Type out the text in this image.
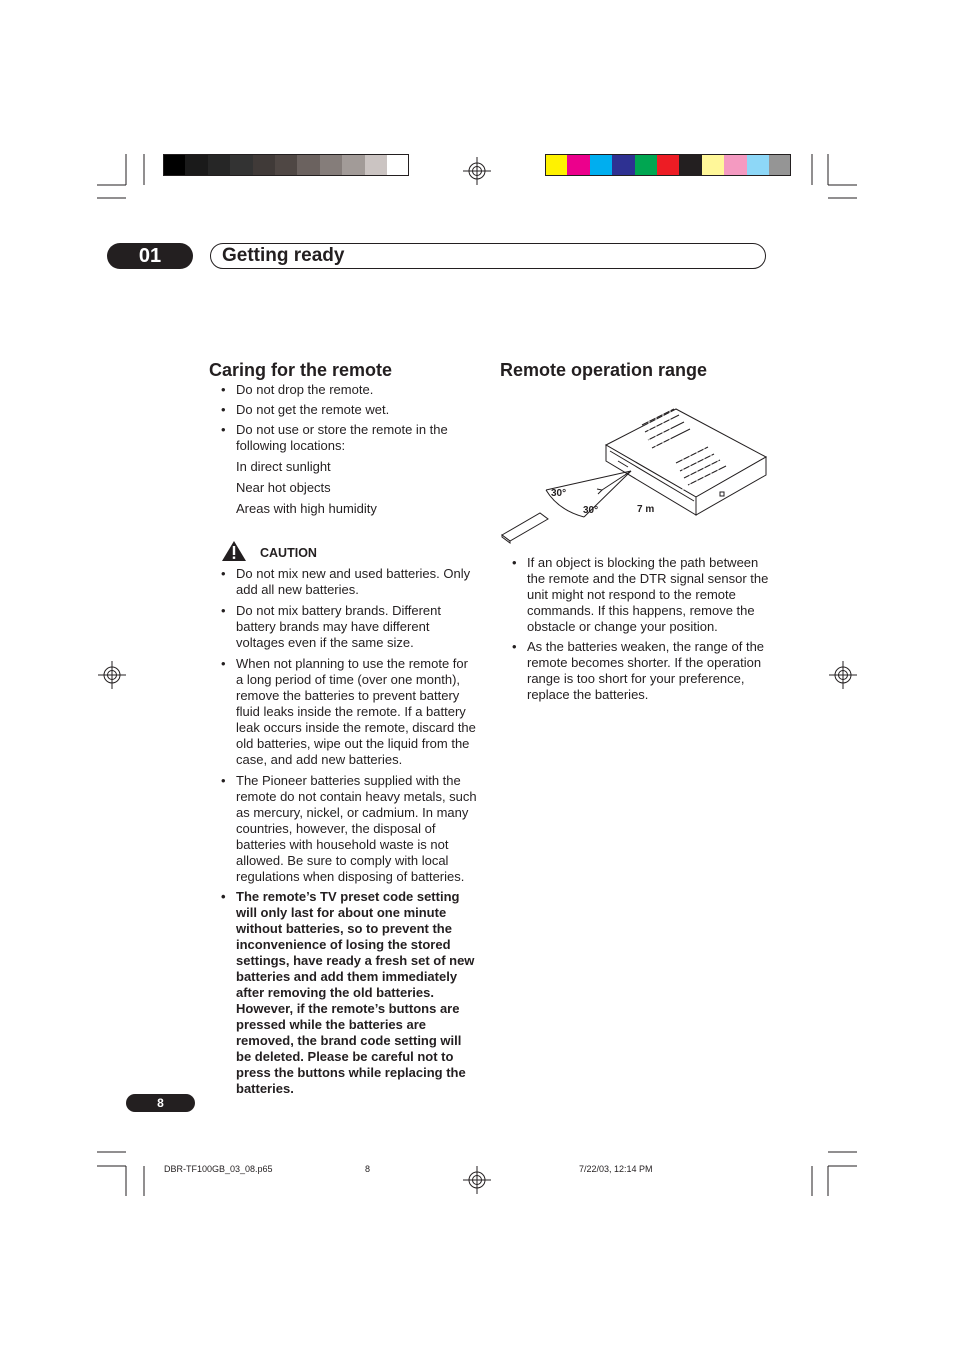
01	Getting ready
Caring for the remote
• Do not drop the remote.
• Do not get the remote wet.
• Do not use or store the remote in the following locations:
In direct sunlight
Near hot objects
Areas with high humidity
CAUTION
• Do not mix new and used batteries. Only add all new batteries.
• Do not mix battery brands. Different battery brands may have different voltages even if the same size.
• When not planning to use the remote for a long period of time (over one month), remove the batteries to prevent battery fluid leaks inside the remote. If a battery leak occurs inside the remote, discard the old batteries, wipe out the liquid from the case, and add new batteries.
• The Pioneer batteries supplied with the remote do not contain heavy metals, such as mercury, nickel, or cadmium. In many countries, however, the disposal of batteries with household waste is not allowed. Be sure to comply with local regulations when disposing of batteries.
• The remote’s TV preset code setting will only last for about one minute without batteries, so to prevent the inconvenience of losing the stored settings, have ready a fresh set of new batteries and add them immediately after removing the old batteries. However, if the remote’s buttons are pressed while the batteries are removed, the brand code setting will be deleted. Please be careful not to press the buttons while replacing the batteries.
Remote operation range
30°
30°	7 m
• If an object is blocking the path between the remote and the DTR signal sensor the unit might not respond to the remote commands. If this happens, remove the obstacle or change your position.
• As the batteries weaken, the range of the remote becomes shorter. If the operation range is too short for your preference, replace the batteries.
8
DBR-TF100GB_03_08.p65	8	7/22/03, 12:14 PM
